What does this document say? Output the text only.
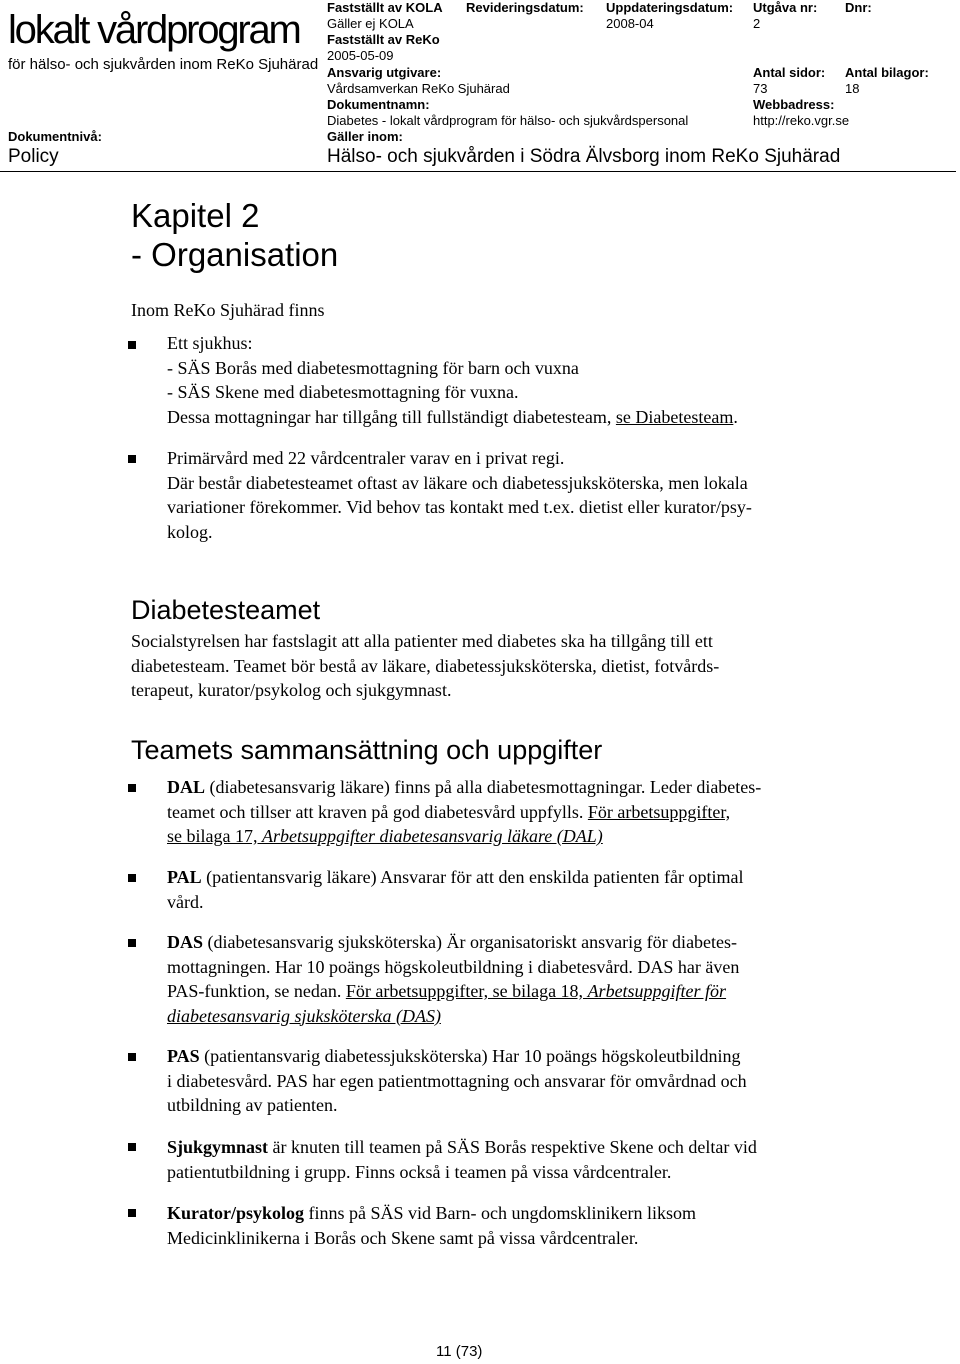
lokalt vårdprogram
för hälso- och sjukvården inom ReKo Sjuhärad
Fastställt av KOLA
Gäller ej KOLA
Fastställt av ReKo
2005-05-09
Revideringsdatum: Uppdateringsdatum:
2008-04
Utgåva nr:
2
Dnr:
Ansvarig utgivare:
Vårdsamverkan ReKo Sjuhärad
Antal sidor:
73
Antal bilagor:
18
Dokumentnamn:
Diabetes - lokalt vårdprogram för hälso- och sjukvårdspersonal
Webbadress:
http://reko.vgr.se
Dokumentnivå:
Policy
Gäller inom:
Hälso- och sjukvården i Södra Älvsborg inom ReKo Sjuhärad
Kapitel 2
- Organisation
Inom ReKo Sjuhärad finns
Ett sjukhus:
- SÄS Borås med diabetesmottagning för barn och vuxna
- SÄS Skene med diabetesmottagning för vuxna.
Dessa mottagningar har tillgång till fullständigt diabetesteam, se Diabetesteam.
Primärvård med 22 vårdcentraler varav en i privat regi.
Där består diabetesteamet oftast av läkare och diabetessjuksköterska, men lokala
variationer förekommer. Vid behov tas kontakt med t.ex. dietist eller kurator/psy-
kolog.
Diabetesteamet
Socialstyrelsen har fastslagit att alla patienter med diabetes ska ha tillgång till ett
diabetesteam. Teamet bör bestå av läkare, diabetessjuksköterska, dietist, fotvårds-
terapeut, kurator/psykolog och sjukgymnast.
Teamets sammansättning och uppgifter
DAL (diabetesansvarig läkare) finns på alla diabetesmottagningar. Leder diabetes-
teamet och tillser att kraven på god diabetesvård uppfylls. För arbetsuppgifter,
se bilaga 17, Arbetsuppgifter diabetesansvarig läkare (DAL)
PAL (patientansvarig läkare) Ansvarar för att den enskilda patienten får optimal
vård.
DAS (diabetesansvarig sjuksköterska) Är organisatoriskt ansvarig för diabetes-
mottagningen. Har 10 poängs högskoleutbildning i diabetesvård. DAS har även
PAS-funktion, se nedan. För arbetsuppgifter, se bilaga 18, Arbetsuppgifter för
diabetesansvarig sjuksköterska (DAS)
PAS (patientansvarig diabetessjuksköterska) Har 10 poängs högskoleutbildning
i diabetesvård. PAS har egen patientmottagning och ansvarar för omvårdnad och
utbildning av patienten.
Sjukgymnast är knuten till teamen på SÄS Borås respektive Skene och deltar vid
patientutbildning i grupp. Finns också i teamen på vissa vårdcentraler.
Kurator/psykolog finns på SÄS vid Barn- och ungdomsklinikern liksom
Medicinklinikerna i Borås och Skene samt på vissa vårdcentraler.
11 (73)
